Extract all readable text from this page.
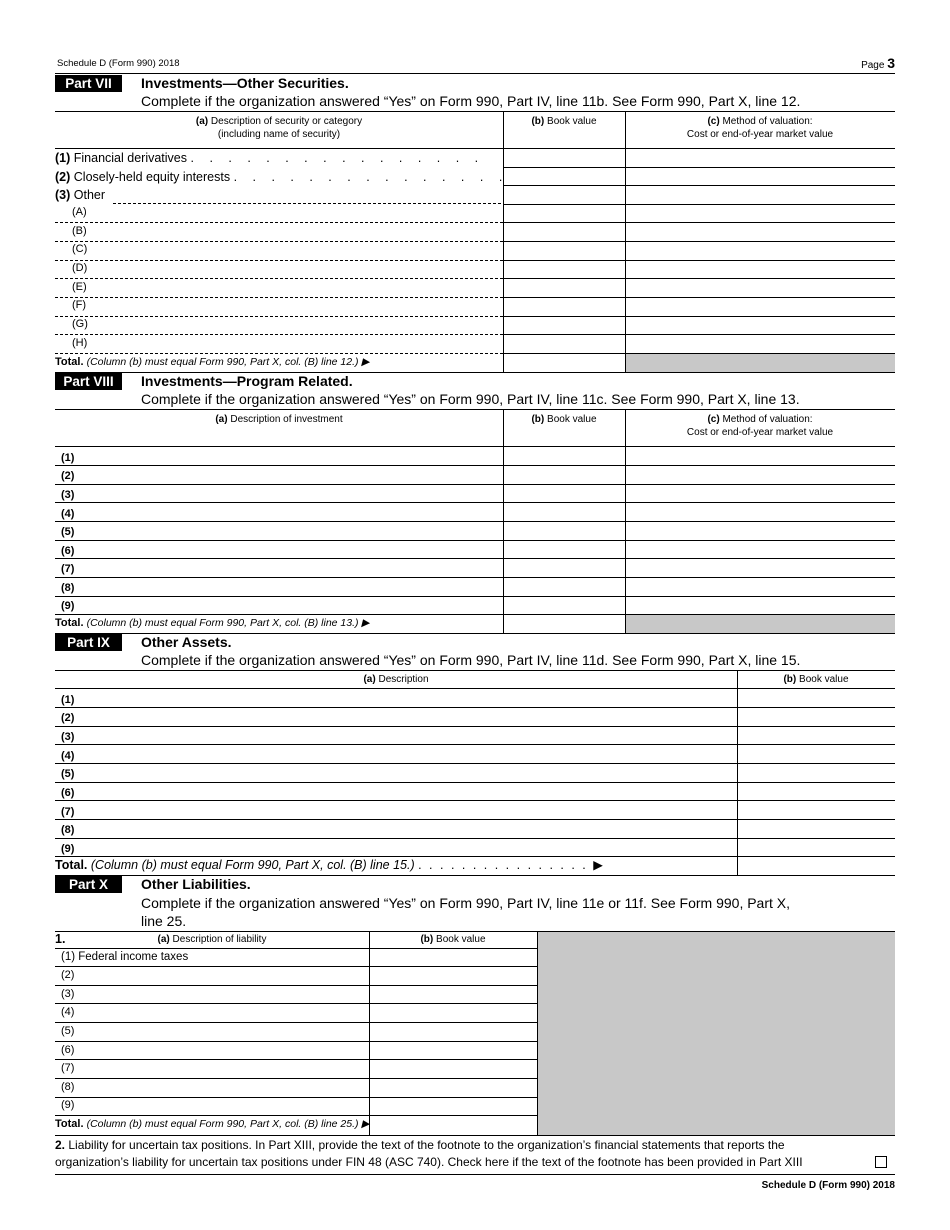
Schedule D (Form 990) 2018	Page 3
Part VII	Investments—Other Securities.
Complete if the organization answered “Yes” on Form 990, Part IV, line 11b. See Form 990, Part X, line 12.
(a) Description of security or category
(including name of security)
(b) Book value	(c) Method of valuation:
Cost or end-of-year market value
(1) Financial derivatives . . . . . . . . . . . . . . . .
(2) Closely-held equity interests . . . . . . . . . . . . . . .
(3) Other
(A)
(B)
(C)
(D)
(E)
(F)
(G)
(H)
Total. (Column (b) must equal Form 990, Part X, col. (B) line 12.) ▶
Part VIII	Investments—Program Related.
Complete if the organization answered “Yes” on Form 990, Part IV, line 11c. See Form 990, Part X, line 13.
(a) Description of investment	(b) Book value	(c) Method of valuation:
Cost or end-of-year market value
(1)
(2)
(3)
(4)
(5)
(6)
(7)
(8)
(9)
Total. (Column (b) must equal Form 990, Part X, col. (B) line 13.) ▶
Part IX	Other Assets.
Complete if the organization answered “Yes” on Form 990, Part IV, line 11d. See Form 990, Part X, line 15.
(a) Description	(b) Book value
(1)
(2)
(3)
(4)
(5)
(6)
(7)
(8)
(9)
Total. (Column (b) must equal Form 990, Part X, col. (B) line 15.) . . . . . . . . . . . . . . . . ▶
Part X	Other Liabilities.
Complete if the organization answered “Yes” on Form 990, Part IV, line 11e or 11f. See Form 990, Part X,
line 25.
1.	(a) Description of liability	(b) Book value
(1) Federal income taxes
(2)
(3)
(4)
(5)
(6)
(7)
(8)
(9)
Total. (Column (b) must equal Form 990, Part X, col. (B) line 25.) ▶
2. Liability for uncertain tax positions. In Part XIII, provide the text of the footnote to the organization’s financial statements that reports the
organization’s liability for uncertain tax positions under FIN 48 (ASC 740). Check here if the text of the footnote has been provided in Part XIII
Schedule D (Form 990) 2018
